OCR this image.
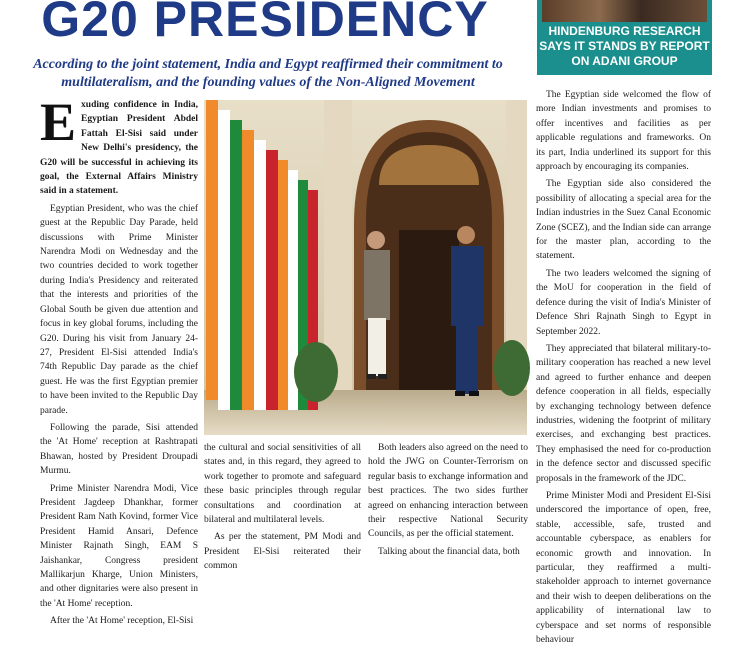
G20 PRESIDENCY
According to the joint statement, India and Egypt reaffirmed their commitment to multilateralism, and the founding values of the Non-Aligned Movement
HINDENBURG RESEARCH SAYS IT STANDS BY REPORT ON ADANI GROUP
E xuding confidence in India, Egyptian President Abdel Fattah El-Sisi said under New Delhi's presidency, the G20 will be successful in achieving its goal, the External Affairs Ministry said in a statement.

Egyptian President, who was the chief guest at the Republic Day Parade, held discussions with Prime Minister Narendra Modi on Wednesday and the two countries decided to work together during India's Presidency and reiterated that the interests and priorities of the Global South be given due attention and focus in key global forums, including the G20. During his visit from January 24-27, President El-Sisi attended India's 74th Republic Day parade as the chief guest. He was the first Egyptian premier to have been invited to the Republic Day parade.

Following the parade, Sisi attended the 'At Home' reception at Rashtrapati Bhawan, hosted by President Droupadi Murmu.

Prime Minister Narendra Modi, Vice President Jagdeep Dhankhar, former President Ram Nath Kovind, former Vice President Hamid Ansari, Defence Minister Rajnath Singh, EAM S Jaishankar, Congress president Mallikarjun Kharge, Union Ministers, and other dignitaries were also present in the 'At Home' reception.

After the 'At Home' reception, El-Sisi

the cultural and social sensitivities of all states and, in this regard, they agreed to work together to promote and safeguard these basic principles through regular consultations and coordination at bilateral and multilateral levels.

As per the statement, PM Modi and President El-Sisi reiterated their common

Both leaders also agreed on the need to hold the JWG on Counter-Terrorism on regular basis to exchange information and best practices. The two sides further agreed on enhancing interaction between their respective National Security Councils, as per the official statement.

Talking about the financial data, both

The Egyptian side welcomed the flow of more Indian investments and promises to offer incentives and facilities as per applicable regulations and frameworks. On its part, India underlined its support for this approach by encouraging its companies.

The Egyptian side also considered the possibility of allocating a special area for the Indian industries in the Suez Canal Economic Zone (SCEZ), and the Indian side can arrange for the master plan, according to the statement.

The two leaders welcomed the signing of the MoU for cooperation in the field of defence during the visit of India's Minister of Defence Shri Rajnath Singh to Egypt in September 2022.

They appreciated that bilateral military-to-military cooperation has reached a new level and agreed to further enhance and deepen defence cooperation in all fields, especially by exchanging technology between defence industries, widening the footprint of military exercises, and exchanging best practices. They emphasised the need for co-production in the defence sector and discussed specific proposals in the framework of the JDC.

Prime Minister Modi and President El-Sisi underscored the importance of open, free, stable, accessible, safe, trusted and accountable cyberspace, as enablers for economic growth and innovation. In particular, they reaffirmed a multi-stakeholder approach to internet governance and their wish to deepen deliberations on the applicability of international law to cyberspace and set norms of responsible behaviour
